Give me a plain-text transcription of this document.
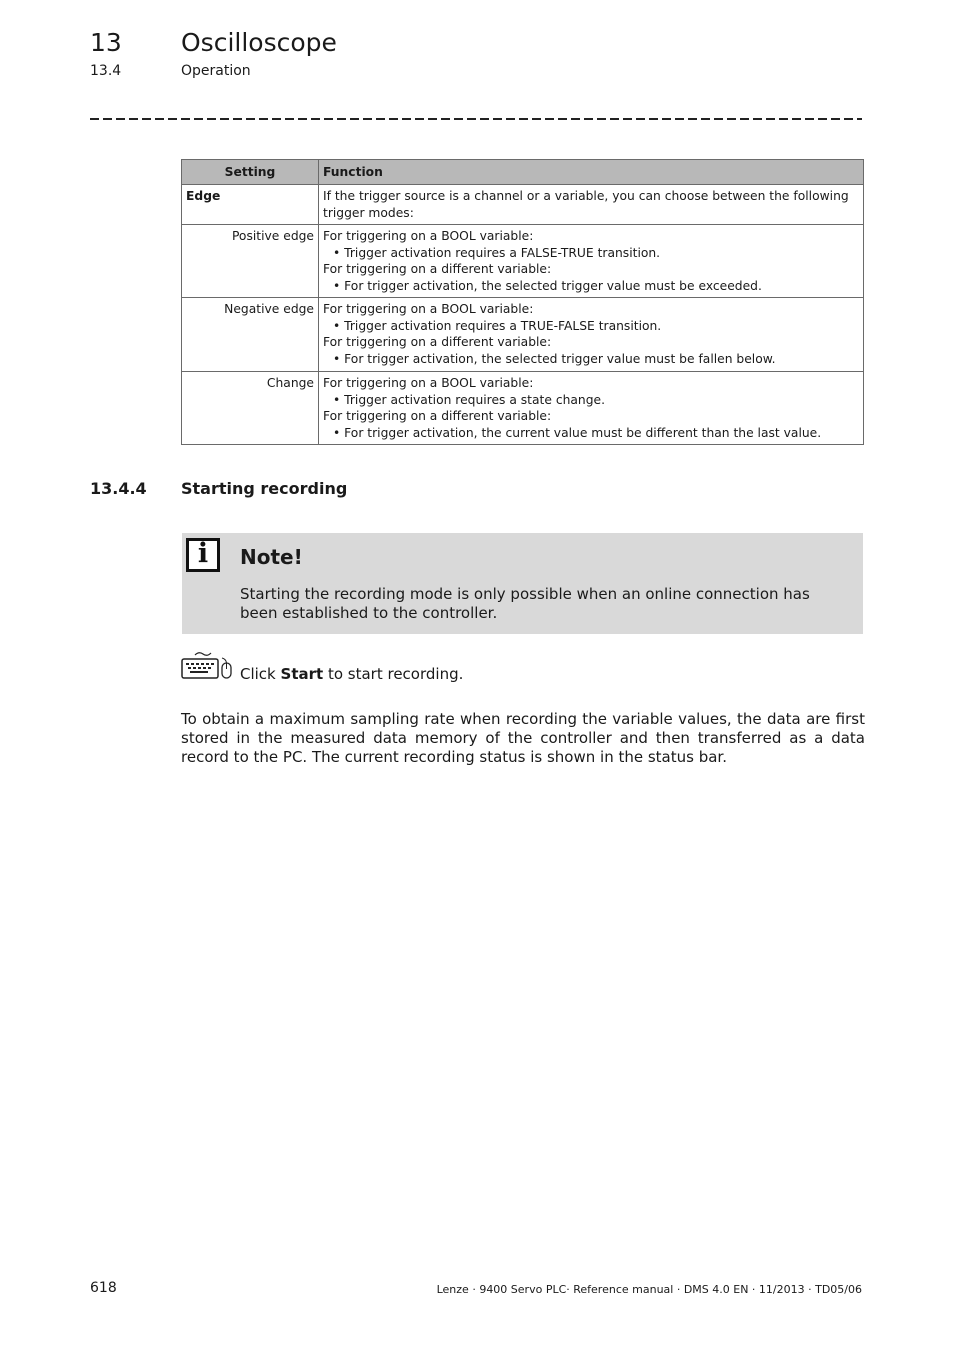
13 Oscilloscope
13.4	Operation
Setting	Function
Edge	If the trigger source is a channel or a variable, you can choose between the following trigger modes:

Positive edge	For triggering on a BOOL variable:
• Trigger activation requires a FALSE-TRUE transition.
For triggering on a different variable:
• For trigger activation, the selected trigger value must be exceeded.

Negative edge	For triggering on a BOOL variable:
• Trigger activation requires a TRUE-FALSE transition.
For triggering on a different variable:
• For trigger activation, the selected trigger value must be fallen below.

Change	For triggering on a BOOL variable:
• Trigger activation requires a state change.
For triggering on a different variable:
• For trigger activation, the current value must be different than the last value.
13.4.4 Starting recording
i	Note!
Starting the recording mode is only possible when an online connection has been established to the controller.
Click Start to start recording.
To obtain a maximum sampling rate when recording the variable values, the data are first stored in the measured data memory of the controller and then transferred as a data record to the PC. The current recording status is shown in the status bar.
618	Lenze · 9400 Servo PLC· Reference manual · DMS 4.0 EN · 11/2013 · TD05/06
